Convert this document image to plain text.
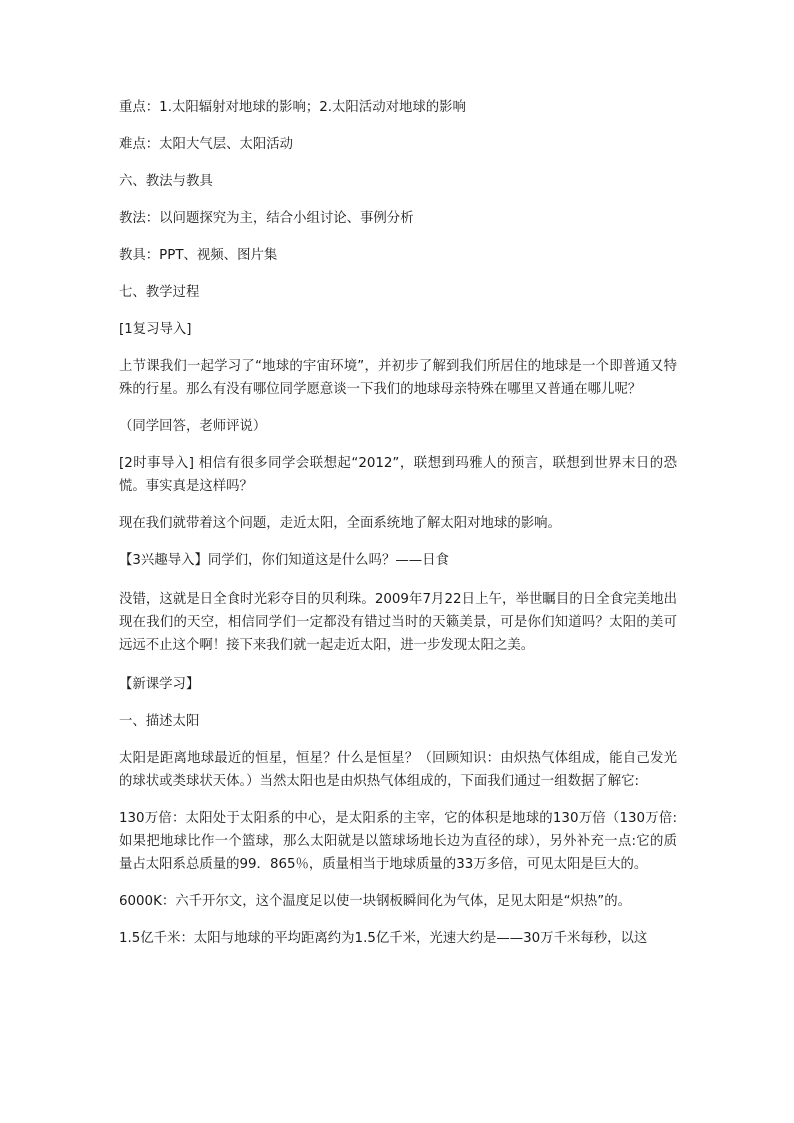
重点：1.太阳辐射对地球的影响；2.太阳活动对地球的影响

难点：太阳大气层、太阳活动

六、教法与教具

教法：以问题探究为主，结合小组讨论、事例分析

教具：PPT、视频、图片集

七、教学过程

[1复习导入]

上节课我们一起学习了“地球的宇宙环境”，并初步了解到我们所居住的地球是一个即普通又特殊的行星。那么有没有哪位同学愿意谈一下我们的地球母亲特殊在哪里又普通在哪儿呢？

（同学回答，老师评说）

[2时事导入] 相信有很多同学会联想起“2012”，联想到玛雅人的预言，联想到世界末日的恐慌。事实真是这样吗？

现在我们就带着这个问题，走近太阳，全面系统地了解太阳对地球的影响。

【3兴趣导入】同学们，你们知道这是什么吗？——日食

没错，这就是日全食时光彩夺目的贝利珠。2009年7月22日上午，举世瞩目的日全食完美地出现在我们的天空，相信同学们一定都没有错过当时的天籁美景，可是你们知道吗？太阳的美可远远不止这个啊！接下来我们就一起走近太阳，进一步发现太阳之美。

【新课学习】

一、描述太阳

太阳是距离地球最近的恒星，恒星？什么是恒星？（回顾知识：由炽热气体组成，能自己发光的球状或类球状天体。）当然太阳也是由炽热气体组成的，下面我们通过一组数据了解它:

130万倍：太阳处于太阳系的中心，是太阳系的主宰，它的体积是地球的130万倍（130万倍: 如果把地球比作一个篮球，那么太阳就是以篮球场地长边为直径的球），另外补充一点:它的质量占太阳系总质量的99．865％，质量相当于地球质量的33万多倍，可见太阳是巨大的。

6000K：六千开尔文，这个温度足以使一块钢板瞬间化为气体，足见太阳是“炽热”的。

1.5亿千米：太阳与地球的平均距离约为1.5亿千米，光速大约是——30万千米每秒，以这
